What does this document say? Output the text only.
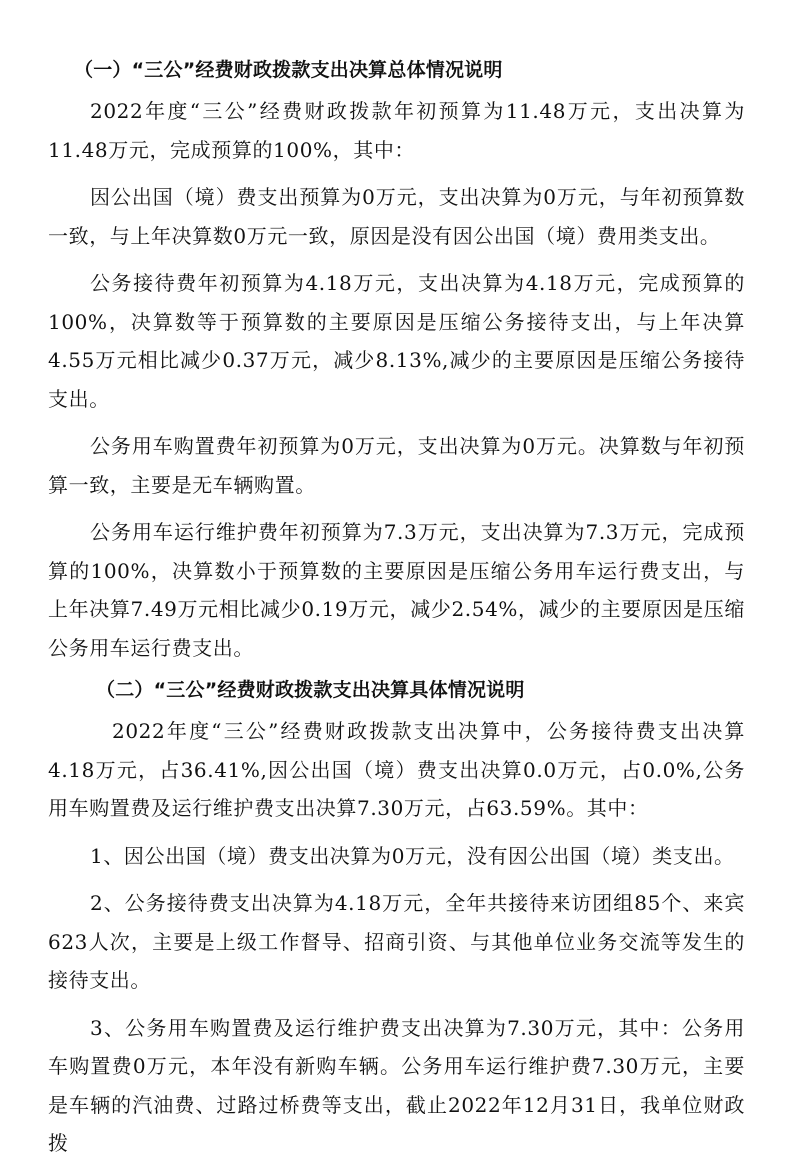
（一）“三公”经费财政拨款支出决算总体情况说明

2022年度“三公”经费财政拨款年初预算为11.48万元，支出决算为11.48万元，完成预算的100%，其中：

因公出国（境）费支出预算为0万元，支出决算为0万元，与年初预算数一致，与上年决算数0万元一致，原因是没有因公出国（境）费用类支出。

公务接待费年初预算为4.18万元，支出决算为4.18万元，完成预算的100%，决算数等于预算数的主要原因是压缩公务接待支出，与上年决算4.55万元相比减少0.37万元，减少8.13%,减少的主要原因是压缩公务接待支出。

公务用车购置费年初预算为0万元，支出决算为0万元。决算数与年初预算一致，主要是无车辆购置。

公务用车运行维护费年初预算为7.3万元，支出决算为7.3万元，完成预算的100%，决算数小于预算数的主要原因是压缩公务用车运行费支出，与上年决算7.49万元相比减少0.19万元，减少2.54%，减少的主要原因是压缩公务用车运行费支出。

（二）“三公”经费财政拨款支出决算具体情况说明

2022年度“三公”经费财政拨款支出决算中，公务接待费支出决算4.18万元，占36.41%,因公出国（境）费支出决算0.0万元，占0.0%,公务用车购置费及运行维护费支出决算7.30万元，占63.59%。其中：

1、因公出国（境）费支出决算为0万元，没有因公出国（境）类支出。

2、公务接待费支出决算为4.18万元，全年共接待来访团组85个、来宾623人次，主要是上级工作督导、招商引资、与其他单位业务交流等发生的接待支出。

3、公务用车购置费及运行维护费支出决算为7.30万元，其中：公务用车购置费0万元，本年没有新购车辆。公务用车运行维护费7.30万元，主要是车辆的汽油费、过路过桥费等支出，截止2022年12月31日，我单位财政拨
